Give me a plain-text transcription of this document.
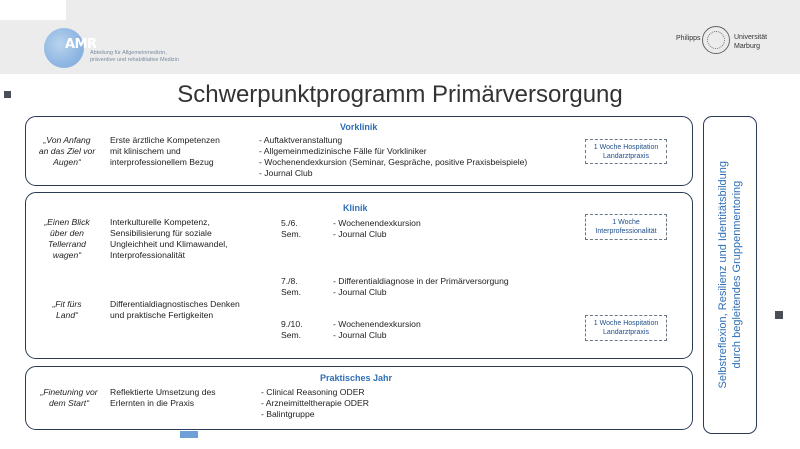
AMR
Abteilung für Allgemeinmedizin,
präventive und rehabilitative Medizin
Philipps	Universität
Marburg
Schwerpunktprogramm Primärversorgung
Selbstreflexion, Resilienz und Identitätsbildung durch begleitendes Gruppenmentoring
Vorklinik
„Von Anfang
an das Ziel vor
Augen“
Erste ärztliche Kompetenzen
mit klinischem und
interprofessionellem Bezug
- Auftaktveranstaltung
- Allgemeinmedizinische Fälle für Vorkliniker
- Wochenendexkursion (Seminar, Gespräche, positive Praxisbeispiele)
- Journal Club
1 Woche Hospitation
Landarztpraxis
Klinik
„Einen Blick
über den
Tellerrand
wagen“
Interkulturelle Kompetenz,
Sensibilisierung für soziale
Ungleichheit und Klimawandel,
Interprofessionalität
„Fit fürs
Land“
Differentialdiagnostisches Denken
und praktische Fertigkeiten
5./6.
Sem.
- Wochenendexkursion
- Journal Club
7./8.
Sem.
- Differentialdiagnose in der Primärversorgung
- Journal Club
9./10.
Sem.
- Wochenendexkursion
- Journal Club
1 Woche
Interprofessionalität
1 Woche Hospitation
Landarztpraxis
Praktisches Jahr
„Finetuning vor
dem Start“
Reflektierte Umsetzung des
Erlernten in die Praxis
- Clinical Reasoning ODER
- Arzneimitteltherapie ODER
- Balintgruppe
